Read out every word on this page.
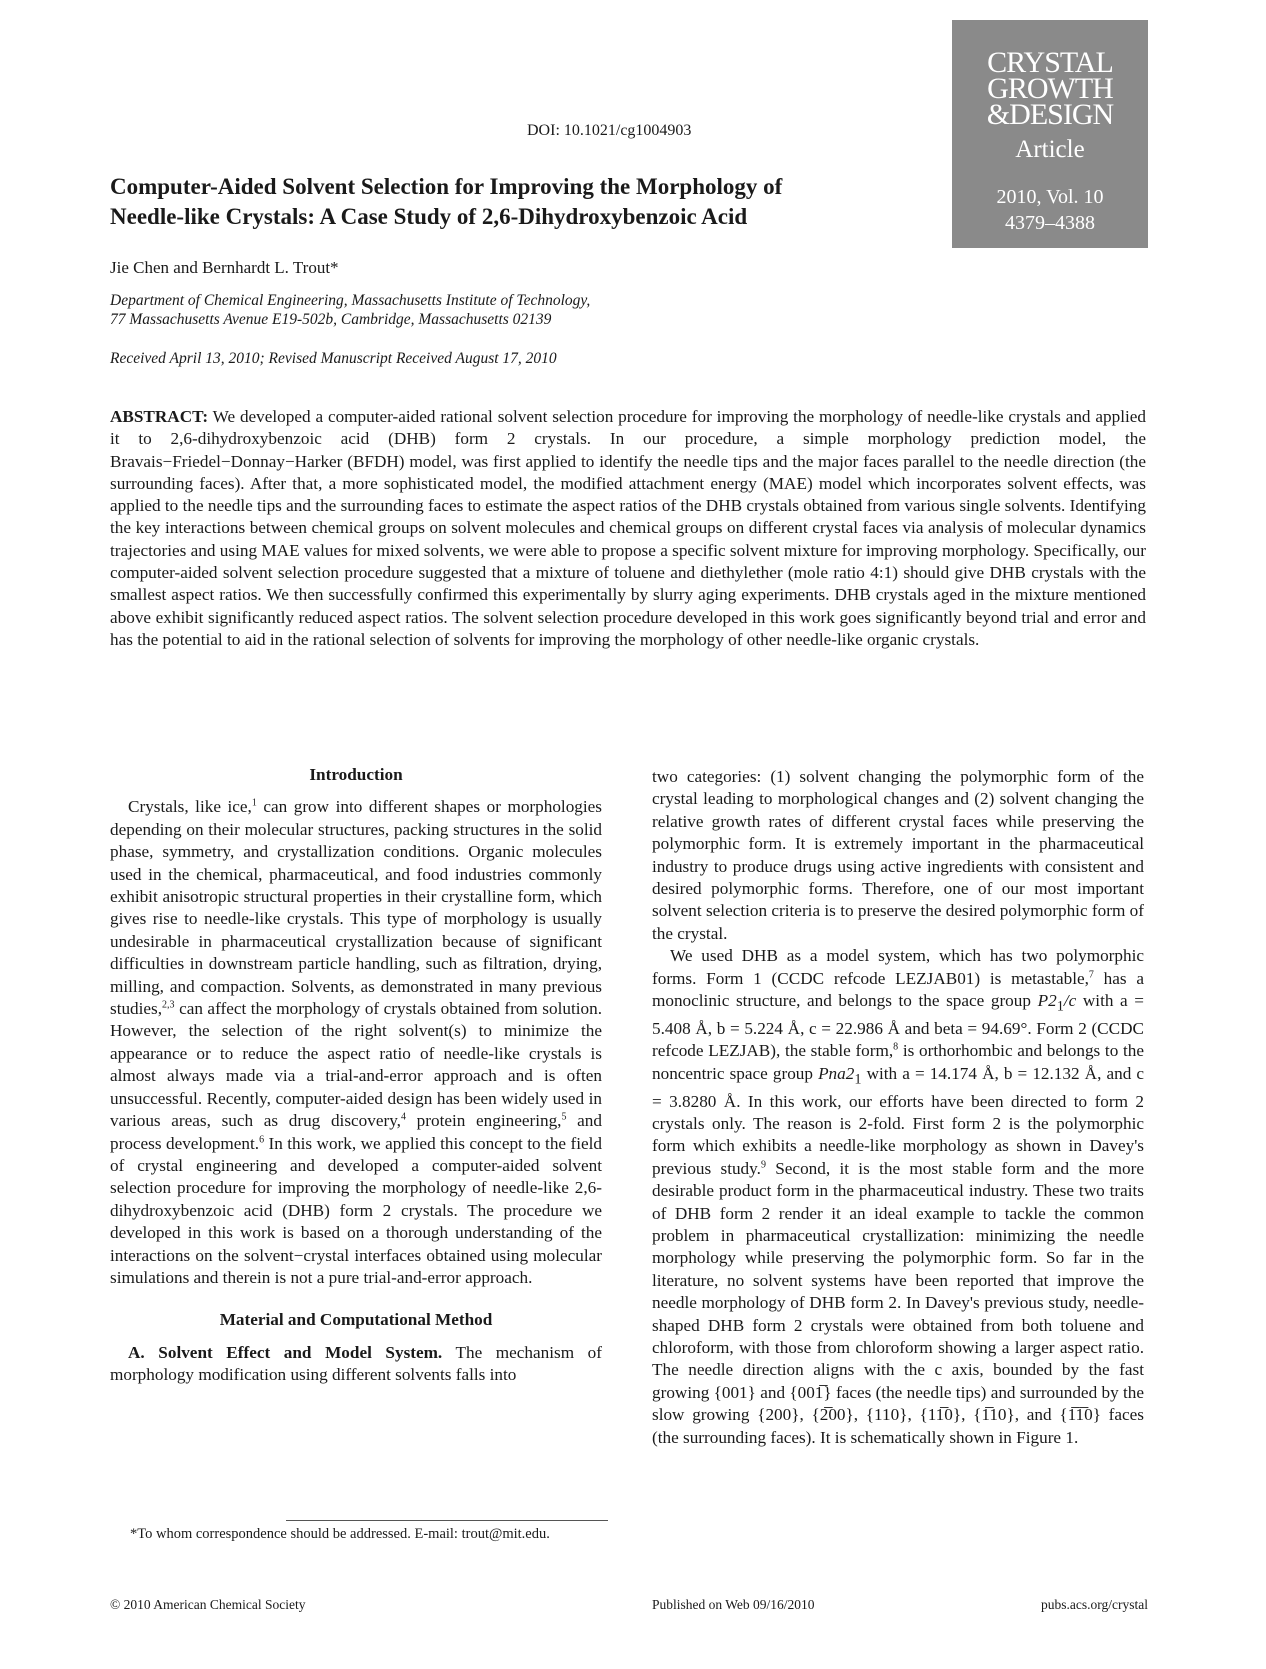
CRYSTAL
GROWTH
&DESIGN
Article
2010, Vol. 10
4379–4388
DOI: 10.1021/cg1004903
Computer-Aided Solvent Selection for Improving the Morphology of
Needle-like Crystals: A Case Study of 2,6-Dihydroxybenzoic Acid
Jie Chen and Bernhardt L. Trout*
Department of Chemical Engineering, Massachusetts Institute of Technology,
77 Massachusetts Avenue E19-502b, Cambridge, Massachusetts 02139
Received April 13, 2010; Revised Manuscript Received August 17, 2010

ABSTRACT: We developed a computer-aided rational solvent selection procedure for improving the morphology of needle-like crystals and applied it to 2,6-dihydroxybenzoic acid (DHB) form 2 crystals. In our procedure, a simple morphology prediction model, the Bravais−Friedel−Donnay−Harker (BFDH) model, was first applied to identify the needle tips and the major faces parallel to the needle direction (the surrounding faces). After that, a more sophisticated model, the modified attachment energy (MAE) model which incorporates solvent effects, was applied to the needle tips and the surrounding faces to estimate the aspect ratios of the DHB crystals obtained from various single solvents. Identifying the key interactions between chemical groups on solvent molecules and chemical groups on different crystal faces via analysis of molecular dynamics trajectories and using MAE values for mixed solvents, we were able to propose a specific solvent mixture for improving morphology. Specifically, our computer-aided solvent selection procedure suggested that a mixture of toluene and diethylether (mole ratio 4:1) should give DHB crystals with the smallest aspect ratios. We then successfully confirmed this experimentally by slurry aging experiments. DHB crystals aged in the mixture mentioned above exhibit significantly reduced aspect ratios. The solvent selection procedure developed in this work goes significantly beyond trial and error and has the potential to aid in the rational selection of solvents for improving the morphology of other needle-like organic crystals.

Introduction

Crystals, like ice,$^1$ can grow into different shapes or morphologies depending on their molecular structures, packing structures in the solid phase, symmetry, and crystallization conditions. Organic molecules used in the chemical, pharmaceutical, and food industries commonly exhibit anisotropic structural properties in their crystalline form, which gives rise to needle-like crystals. This type of morphology is usually undesirable in pharmaceutical crystallization because of significant difficulties in downstream particle handling, such as filtration, drying, milling, and compaction. Solvents, as demonstrated in many previous studies,$^{2,3}$ can affect the morphology of crystals obtained from solution. However, the selection of the right solvent(s) to minimize the appearance or to reduce the aspect ratio of needle-like crystals is almost always made via a trial-and-error approach and is often unsuccessful. Recently, computer-aided design has been widely used in various areas, such as drug discovery,$^4$ protein engineering,$^5$ and process development.$^6$ In this work, we applied this concept to the field of crystal engineering and developed a computer-aided solvent selection procedure for improving the morphology of needle-like 2,6-dihydroxybenzoic acid (DHB) form 2 crystals. The procedure we developed in this work is based on a thorough understanding of the interactions on the solvent−crystal interfaces obtained using molecular simulations and therein is not a pure trial-and-error approach.

Material and Computational Method

A. Solvent Effect and Model System. The mechanism of morphology modification using different solvents falls into

two categories: (1) solvent changing the polymorphic form of the crystal leading to morphological changes and (2) solvent changing the relative growth rates of different crystal faces while preserving the polymorphic form. It is extremely important in the pharmaceutical industry to produce drugs using active ingredients with consistent and desired polymorphic forms. Therefore, one of our most important solvent selection criteria is to preserve the desired polymorphic form of the crystal.

We used DHB as a model system, which has two polymorphic forms. Form 1 (CCDC refcode LEZJAB01) is metastable,$^7$ has a monoclinic structure, and belongs to the space group $P2_1/c$ with a = 5.408 Å, b = 5.224 Å, c = 22.986 Å and beta = 94.69°. Form 2 (CCDC refcode LEZJAB), the stable form,$^8$ is orthorhombic and belongs to the noncentric space group $Pna2_1$ with a = 14.174 Å, b = 12.132 Å, and c = 3.8280 Å. In this work, our efforts have been directed to form 2 crystals only. The reason is 2-fold. First form 2 is the polymorphic form which exhibits a needle-like morphology as shown in Davey's previous study.$^9$ Second, it is the most stable form and the more desirable product form in the pharmaceutical industry. These two traits of DHB form 2 render it an ideal example to tackle the common problem in pharmaceutical crystallization: minimizing the needle morphology while preserving the polymorphic form. So far in the literature, no solvent systems have been reported that improve the needle morphology of DHB form 2. In Davey's previous study, needle-shaped DHB form 2 crystals were obtained from both toluene and chloroform, with those from chloroform showing a larger aspect ratio. The needle direction aligns with the c axis, bounded by the fast growing {001} and {001̅} faces (the needle tips) and surrounded by the slow growing {200}, {2̅00}, {110}, {11̅0}, {1̅10}, and {1̅1̅0} faces (the surrounding faces). It is schematically shown in Figure 1.

*To whom correspondence should be addressed. E-mail: trout@mit.edu.
© 2010 American Chemical Society	Published on Web 09/16/2010	pubs.acs.org/crystal
